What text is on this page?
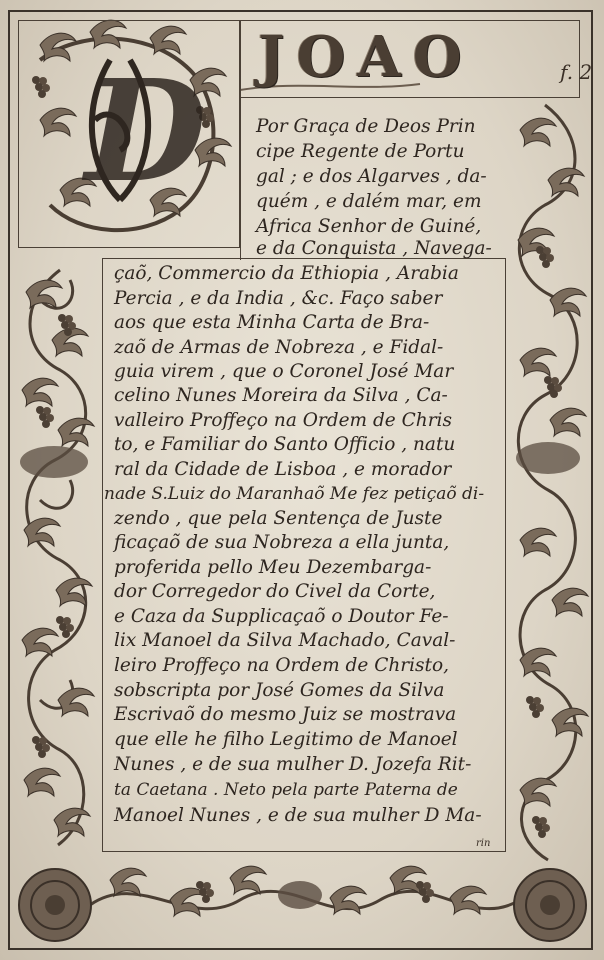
D JOAO	f. 2
Por Graça de Deos Prin
cipe Regente de Portu
gal ; e dos Algarves , da-
quém , e dalém mar, em
Africa Senhor de Guiné,
e da Conquista , Navega-
çaõ, Commercio da Ethiopia , Arabia
Percia , e da India , &c. Faço saber
aos que esta Minha Carta de Bra-
zaõ de Armas de Nobreza , e Fidal-
guia virem , que o Coronel José Mar
celino Nunes Moreira da Silva , Ca-
valleiro Proffeço na Ordem de Chris
to, e Familiar do Santo Officio , natu
ral da Cidade de Lisboa , e morador
nade S.Luiz do Maranhaõ Me fez petiçaõ di-
zendo , que pela Sentença de Juste
ficaçaõ de sua Nobreza a ella junta,
proferida pello Meu Dezembarga-
dor Corregedor do Civel da Corte,
e Caza da Supplicaçaõ o Doutor Fe-
lix Manoel da Silva Machado, Caval-
leiro Proffeço na Ordem de Christo,
sobscripta por José Gomes da Silva
Escrivaõ do mesmo Juiz se mostrava
que elle he filho Legitimo de Manoel
Nunes , e de sua mulher D. Jozefa Rit-
ta Caetana . Neto pela parte Paterna de
Manoel Nunes , e de sua mulher D Ma-
rin
